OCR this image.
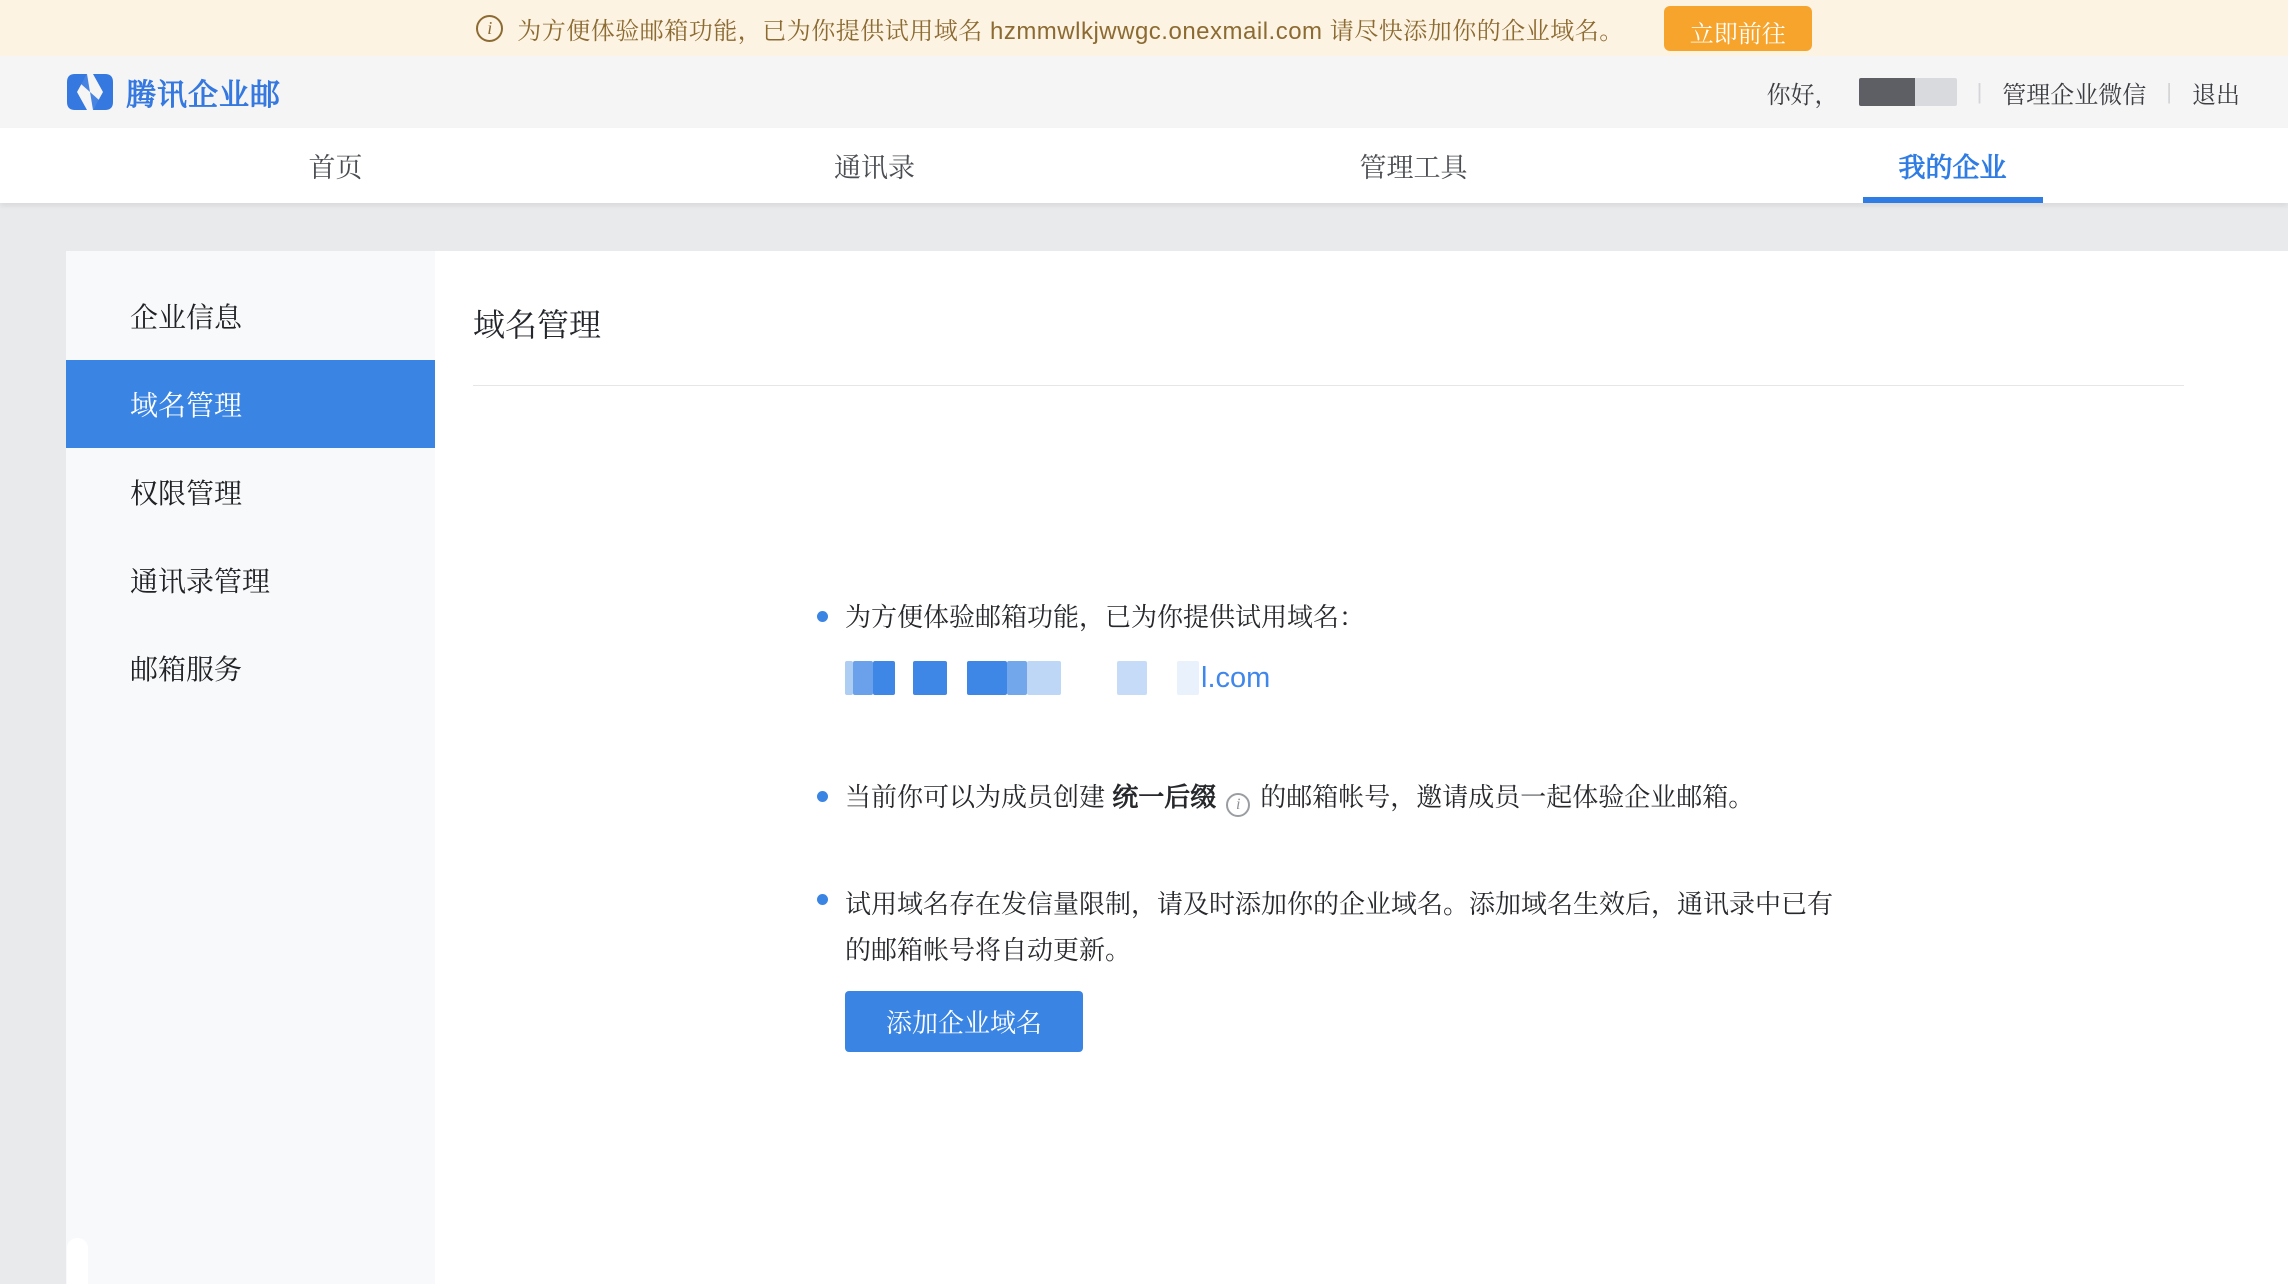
i	为方便体验邮箱功能，已为你提供试用域名 hzmmwlkjwwgc.onexmail.com 请尽快添加你的企业域名。	立即前往
腾讯企业邮	你好，	| 管理企业微信 | 退出
首页	通讯录	管理工具	我的企业
企业信息
域名管理
权限管理
通讯录管理
邮箱服务
域名管理
为方便体验邮箱功能，已为你提供试用域名：
l.com
当前你可以为成员创建 统一后缀 i 的邮箱帐号，邀请成员一起体验企业邮箱。
试用域名存在发信量限制，请及时添加你的企业域名。添加域名生效后，通讯录中已有的邮箱帐号将自动更新。
添加企业域名
